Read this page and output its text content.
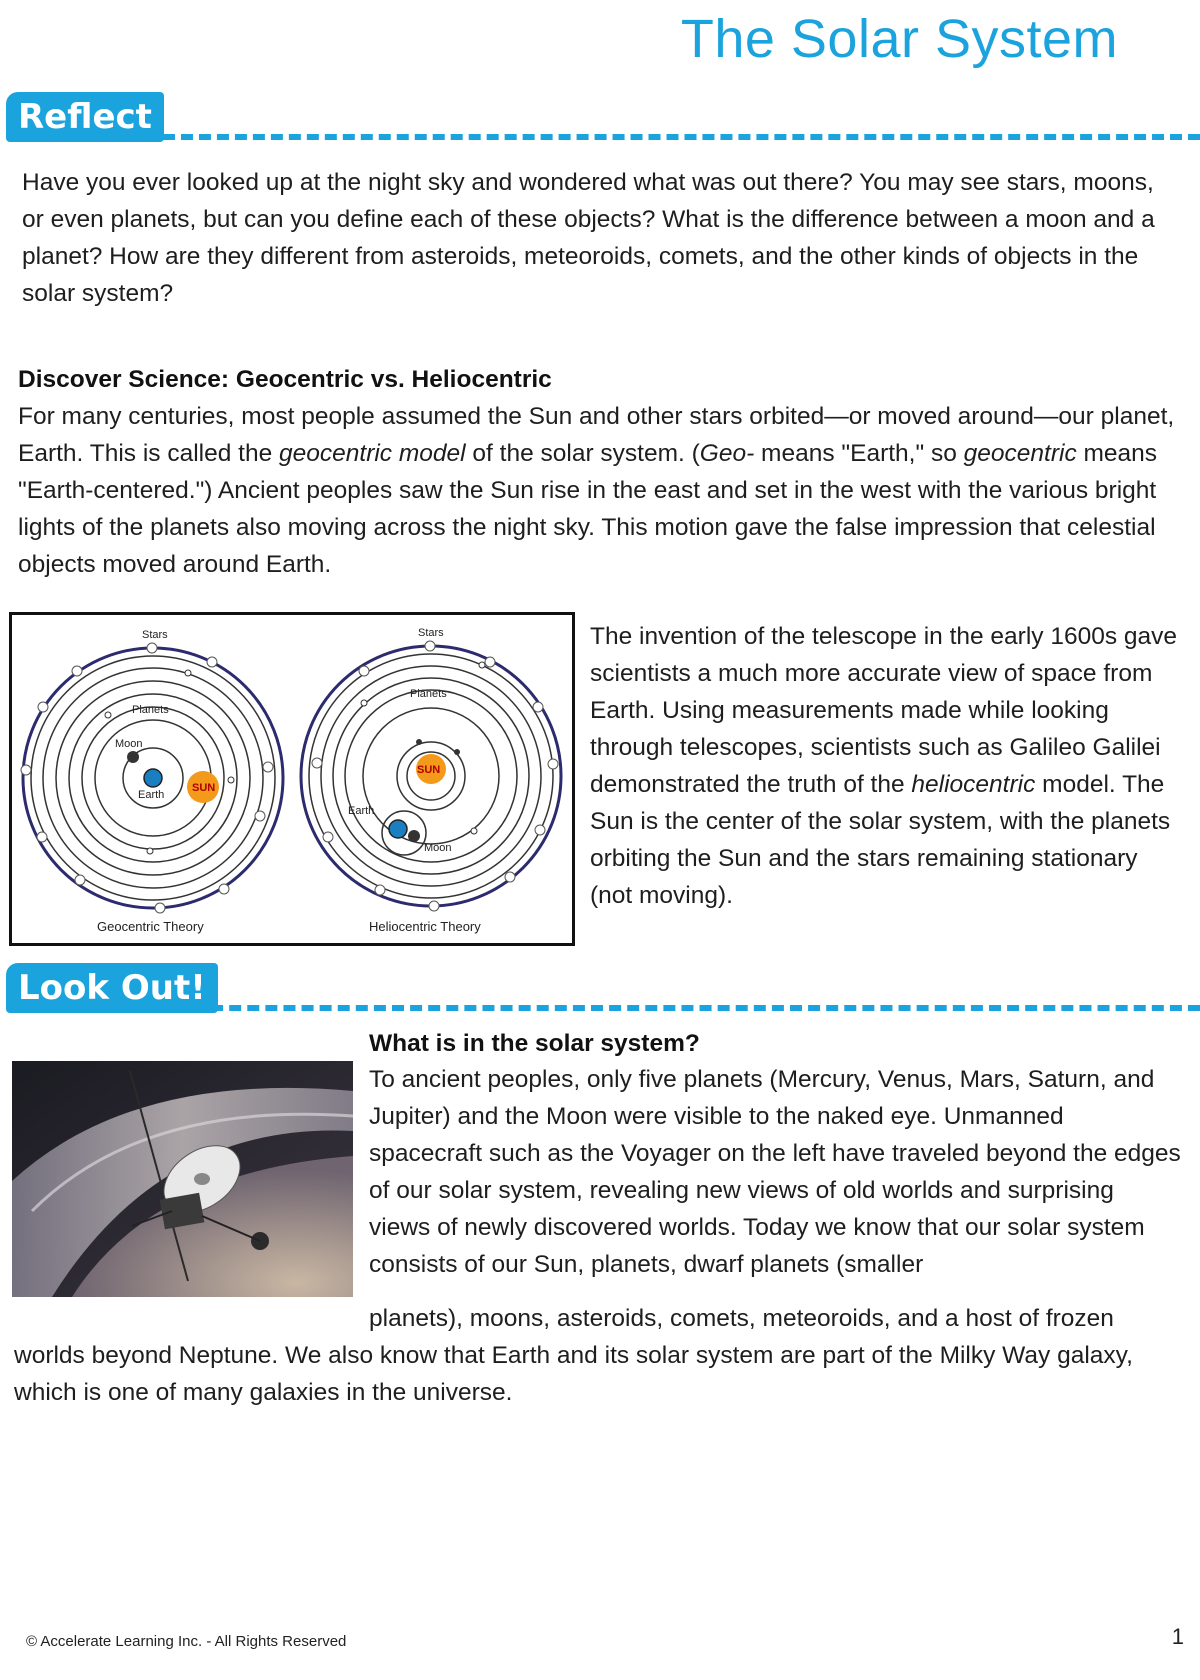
The Solar System
Reflect

Have you ever looked up at the night sky and wondered what was out there? You may see stars, moons, or even planets, but can you define each of these objects? What is the difference between a moon and a planet? How are they different from asteroids, meteoroids, comets, and the other kinds of objects in the solar system?

Discover Science: Geocentric vs. Heliocentric

For many centuries, most people assumed the Sun and other stars orbited—or moved around—our planet, Earth. This is called the geocentric model of the solar system. (Geo- means "Earth," so geocentric means "Earth-centered.") Ancient peoples saw the Sun rise in the east and set in the west with the various bright lights of the planets also moving across the night sky. This motion gave the false impression that celestial objects moved around Earth.

Stars
Planets
Moon
Earth
SUN
Geocentric Theory
Stars
Planets
SUN
Earth
Moon
Heliocentric Theory

The invention of the telescope in the early 1600s gave scientists a much more accurate view of space from Earth. Using measurements made while looking through telescopes, scientists such as Galileo Galilei demonstrated the truth of the heliocentric model. The Sun is the center of the solar system, with the planets orbiting the Sun and the stars remaining stationary (not moving).

Look Out!

What is in the solar system?

To ancient peoples, only five planets (Mercury, Venus, Mars, Saturn, and Jupiter) and the Moon were visible to the naked eye. Unmanned spacecraft such as the Voyager on the left have traveled beyond the edges of our solar system, revealing new views of old worlds and surprising views of newly discovered worlds. Today we know that our solar system consists of our Sun, planets, dwarf planets (smaller

planets), moons, asteroids, comets, meteoroids, and a host of frozen worlds beyond Neptune. We also know that Earth and its solar system are part of the Milky Way galaxy, which is one of many galaxies in the universe.

© Accelerate Learning Inc. - All Rights Reserved	1
